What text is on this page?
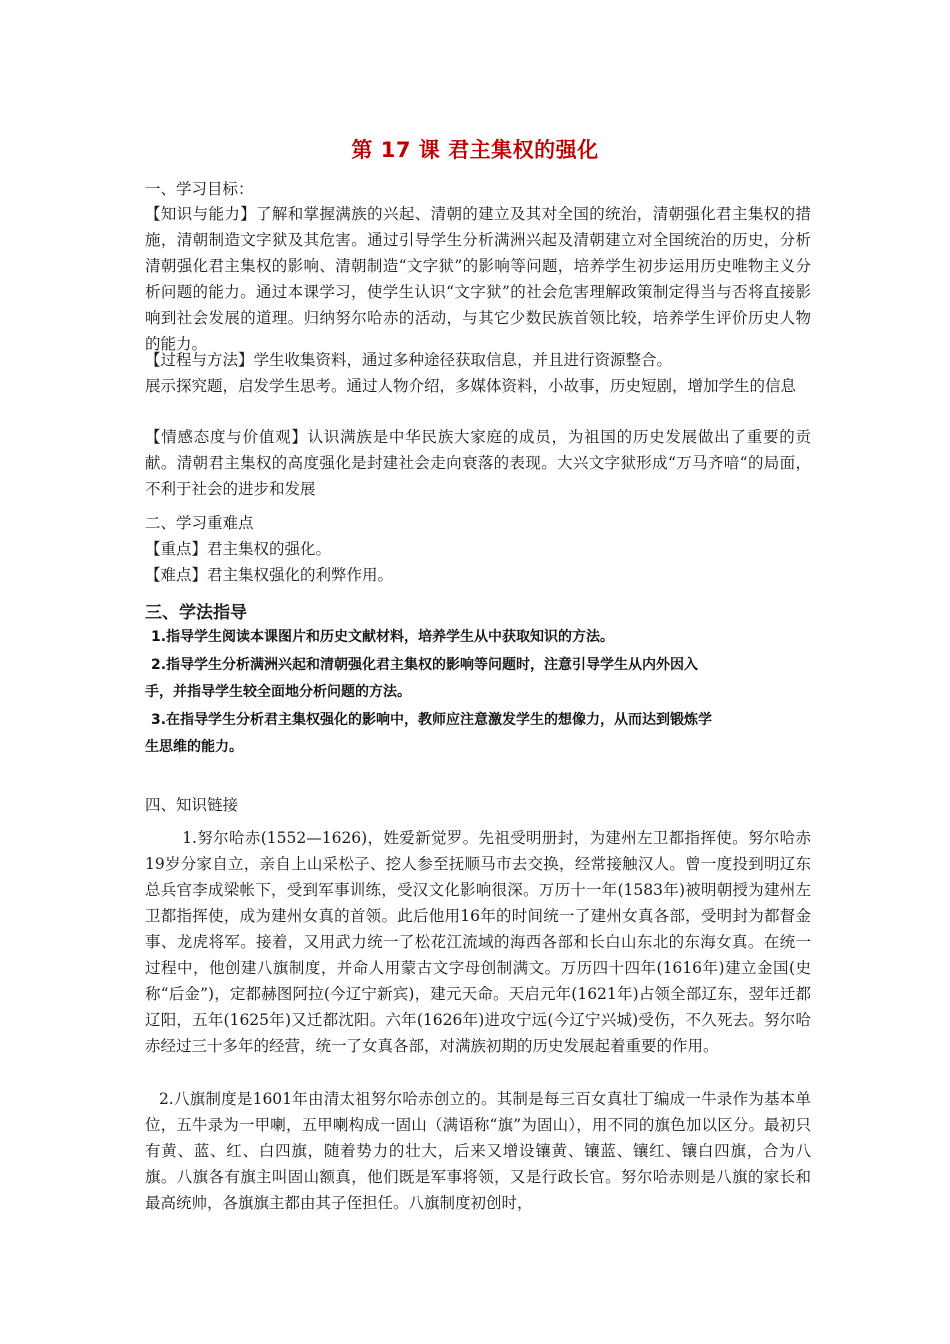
第 17 课 君主集权的强化
一、学习目标：

【知识与能力】了解和掌握满族的兴起、清朝的建立及其对全国的统治，清朝强化君主集权的措施，清朝制造文字狱及其危害。通过引导学生分析满洲兴起及清朝建立对全国统治的历史，分析清朝强化君主集权的影响、清朝制造“文字狱”的影响等问题，培养学生初步运用历史唯物主义分析问题的能力。通过本课学习，使学生认识“文字狱”的社会危害理解政策制定得当与否将直接影响到社会发展的道理。归纳努尔哈赤的活动，与其它少数民族首领比较，培养学生评价历史人物的能力。

【过程与方法】学生收集资料，通过多种途径获取信息，并且进行资源整合。

展示探究题，启发学生思考。通过人物介绍，多媒体资料，小故事，历史短剧，增加学生的信息

【情感态度与价值观】认识满族是中华民族大家庭的成员，为祖国的历史发展做出了重要的贡献。清朝君主集权的高度强化是封建社会走向衰落的表现。大兴文字狱形成“万马齐喑“的局面，不利于社会的进步和发展

二、学习重难点
【重点】君主集权的强化。
【难点】君主集权强化的利弊作用。
三、学法指导

1.指导学生阅读本课图片和历史文献材料，培养学生从中获取知识的方法。

2.指导学生分析满洲兴起和清朝强化君主集权的影响等问题时，注意引导学生从内外因入

手，并指导学生较全面地分析问题的方法。

3.在指导学生分析君主集权强化的影响中，教师应注意激发学生的想像力，从而达到锻炼学

生思维的能力。

四、知识链接

1.努尔哈赤(1552—1626)，姓爱新觉罗。先祖受明册封，为建州左卫都指挥使。努尔哈赤19岁分家自立，亲自上山采松子、挖人参至抚顺马市去交换，经常接触汉人。曾一度投到明辽东总兵官李成梁帐下，受到军事训练，受汉文化影响很深。万历十一年(1583年)被明朝授为建州左卫都指挥使，成为建州女真的首领。此后他用16年的时间统一了建州女真各部，受明封为都督金事、龙虎将军。接着，又用武力统一了松花江流域的海西各部和长白山东北的东海女真。在统一过程中，他创建八旗制度，并命人用蒙古文字母创制满文。万历四十四年(1616年)建立金国(史称“后金”)，定都赫图阿拉(今辽宁新宾)，建元天命。天启元年(1621年)占领全部辽东，翌年迁都辽阳，五年(1625年)又迁都沈阳。六年(1626年)进攻宁远(今辽宁兴城)受伤，不久死去。努尔哈赤经过三十多年的经营，统一了女真各部，对满族初期的历史发展起着重要的作用。

2.八旗制度是1601年由清太祖努尔哈赤创立的。其制是每三百女真壮丁编成一牛录作为基本单位，五牛录为一甲喇，五甲喇构成一固山（满语称“旗”为固山），用不同的旗色加以区分。最初只有黄、蓝、红、白四旗，随着势力的壮大，后来又增设镶黄、镶蓝、镶红、镶白四旗，合为八旗。八旗各有旗主叫固山额真，他们既是军事将领，又是行政长官。努尔哈赤则是八旗的家长和最高统帅，各旗旗主都由其子侄担任。八旗制度初创时，
